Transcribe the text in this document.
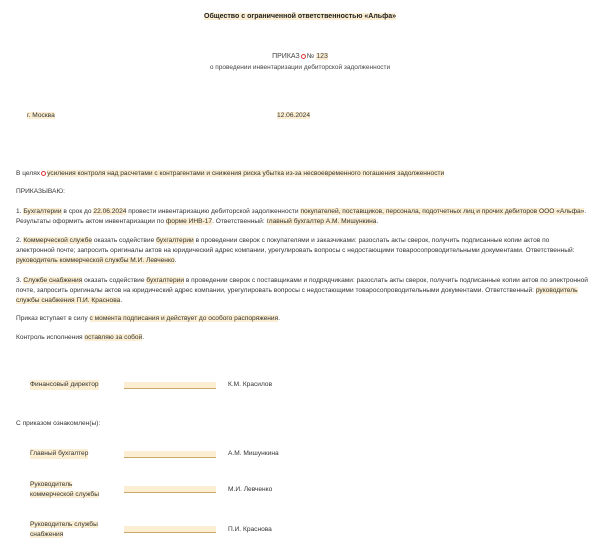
Общество с ограниченной ответственностью «Альфа»
ПРИКАЗ № 123
о проведении инвентаризации дебиторской задолженности
г. Москва	12.06.2024
В целях усиления контроля над расчетами с контрагентами и снижения риска убытка из-за несвоевременного погашения задолженности
ПРИКАЗЫВАЮ:
1. Бухгалтерии в срок до 22.06.2024 провести инвентаризацию дебиторской задолженности покупателей, поставщиков, персонала, подотчетных лиц и прочих дебиторов ООО «Альфа». Результаты оформить актом инвентаризации по форме ИНВ-17. Ответственный: главный бухгалтер А.М. Мишункина.
2. Коммерческой службе оказать содействие бухгалтерии в проведении сверок с покупателями и заказчиками: разослать акты сверок, получить подписанные копии актов по электронной почте; запросить оригиналы актов на юридический адрес компании, урегулировать вопросы с недостающими товаросопроводительными документами. Ответственный: руководитель коммерческой службы М.И. Левченко.
3. Службе снабжения оказать содействие бухгалтерии в проведении сверок с поставщиками и подрядчиками: разослать акты сверок, получить подписанные копии актов по электронной почте, запросить оригиналы актов на юридический адрес компании, урегулировать вопросы с недостающими товаросопроводительными документами. Ответственный: руководитель службы снабжения П.И. Краснова.
Приказ вступает в силу с момента подписания и действует до особого распоряжения.
Контроль исполнения оставляю за собой.
Финансовый директор	К.М. Красилов
С приказом ознакомлен(ы):
Главный бухгалтер	А.М. Мишункина
Руководитель
коммерческой службы
М.И. Левченко
Руководитель службы
снабжения
П.И. Краснова
